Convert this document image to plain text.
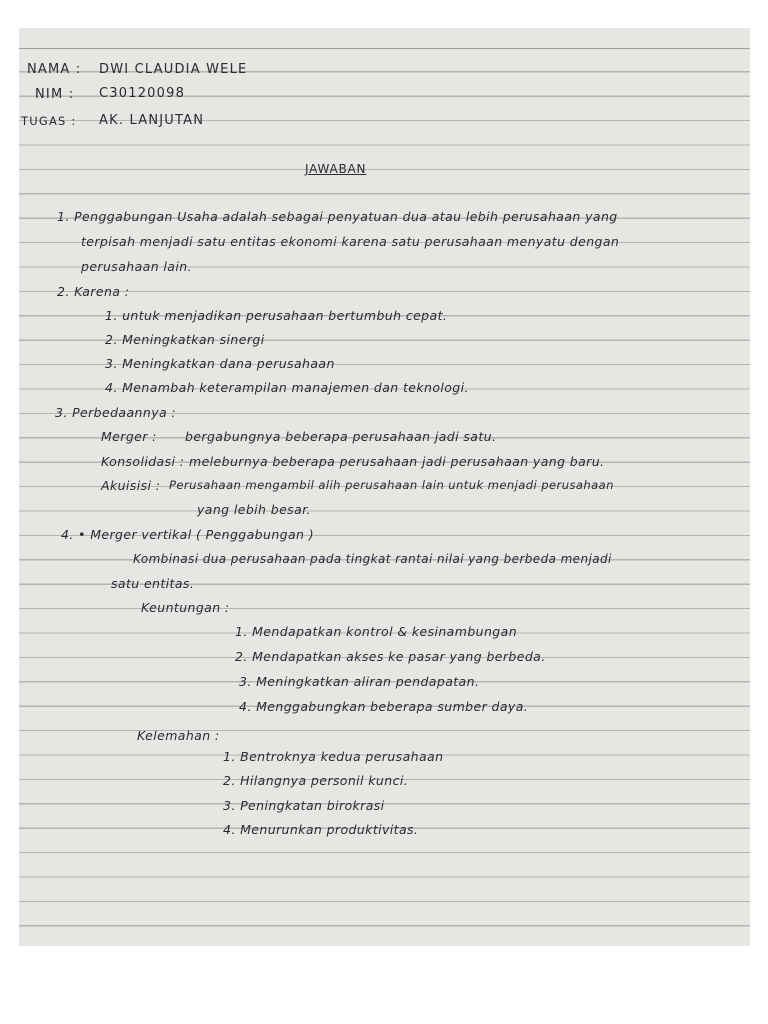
NAMA : DWI CLAUDIA WELE
NIM : C30120098
TUGAS : AK. LANJUTAN
JAWABAN
1. Penggabungan Usaha adalah sebagai penyatuan dua atau lebih perusahaan yang
terpisah menjadi satu entitas ekonomi karena satu perusahaan menyatu dengan
perusahaan lain.
2. Karena :
1. untuk menjadikan perusahaan bertumbuh cepat.
2. Meningkatkan sinergi
3. Meningkatkan dana perusahaan
4. Menambah keterampilan manajemen dan teknologi.
3. Perbedaannya :
Merger : bergabungnya beberapa perusahaan jadi satu.
Konsolidasi : meleburnya beberapa perusahaan jadi perusahaan yang baru.
Akuisisi : Perusahaan mengambil alih perusahaan lain untuk menjadi perusahaan
yang lebih besar.
4. • Merger vertikal ( Penggabungan )
Kombinasi dua perusahaan pada tingkat rantai nilai yang berbeda menjadi
satu entitas.
Keuntungan :
1. Mendapatkan kontrol & kesinambungan
2. Mendapatkan akses ke pasar yang berbeda.
3. Meningkatkan aliran pendapatan.
4. Menggabungkan beberapa sumber daya.
Kelemahan :
1. Bentroknya kedua perusahaan
2. Hilangnya personil kunci.
3. Peningkatan birokrasi
4. Menurunkan produktivitas.
